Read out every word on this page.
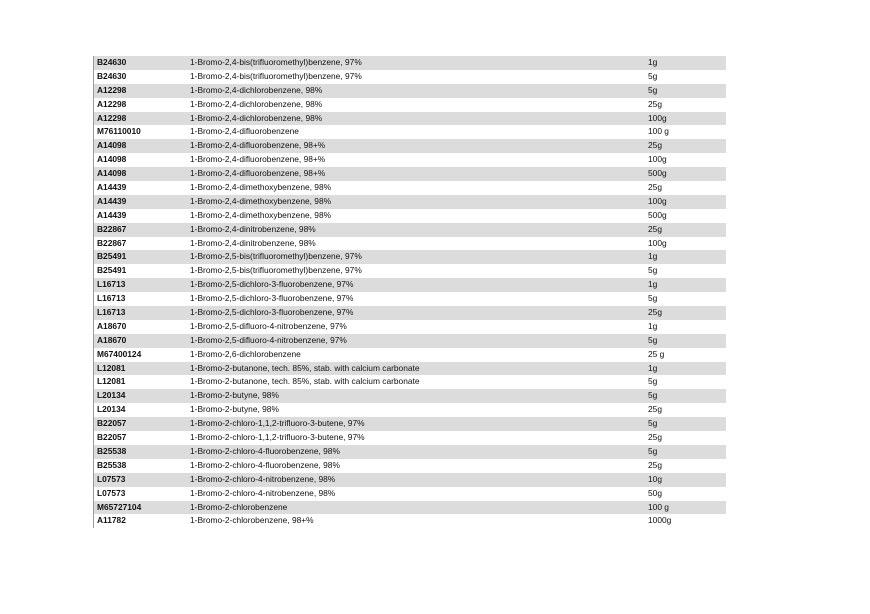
B24630	1-Bromo-2,4-bis(trifluoromethyl)benzene, 97%	1g
B24630	1-Bromo-2,4-bis(trifluoromethyl)benzene, 97%	5g
A12298	1-Bromo-2,4-dichlorobenzene, 98%	5g
A12298	1-Bromo-2,4-dichlorobenzene, 98%	25g
A12298	1-Bromo-2,4-dichlorobenzene, 98%	100g
M76110010	1-Bromo-2,4-difluorobenzene	100 g
A14098	1-Bromo-2,4-difluorobenzene, 98+%	25g
A14098	1-Bromo-2,4-difluorobenzene, 98+%	100g
A14098	1-Bromo-2,4-difluorobenzene, 98+%	500g
A14439	1-Bromo-2,4-dimethoxybenzene, 98%	25g
A14439	1-Bromo-2,4-dimethoxybenzene, 98%	100g
A14439	1-Bromo-2,4-dimethoxybenzene, 98%	500g
B22867	1-Bromo-2,4-dinitrobenzene, 98%	25g
B22867	1-Bromo-2,4-dinitrobenzene, 98%	100g
B25491	1-Bromo-2,5-bis(trifluoromethyl)benzene, 97%	1g
B25491	1-Bromo-2,5-bis(trifluoromethyl)benzene, 97%	5g
L16713	1-Bromo-2,5-dichloro-3-fluorobenzene, 97%	1g
L16713	1-Bromo-2,5-dichloro-3-fluorobenzene, 97%	5g
L16713	1-Bromo-2,5-dichloro-3-fluorobenzene, 97%	25g
A18670	1-Bromo-2,5-difluoro-4-nitrobenzene, 97%	1g
A18670	1-Bromo-2,5-difluoro-4-nitrobenzene, 97%	5g
M67400124	1-Bromo-2,6-dichlorobenzene	25 g
L12081	1-Bromo-2-butanone, tech. 85%, stab. with calcium carbonate	1g
L12081	1-Bromo-2-butanone, tech. 85%, stab. with calcium carbonate	5g
L20134	1-Bromo-2-butyne, 98%	5g
L20134	1-Bromo-2-butyne, 98%	25g
B22057	1-Bromo-2-chloro-1,1,2-trifluoro-3-butene, 97%	5g
B22057	1-Bromo-2-chloro-1,1,2-trifluoro-3-butene, 97%	25g
B25538	1-Bromo-2-chloro-4-fluorobenzene, 98%	5g
B25538	1-Bromo-2-chloro-4-fluorobenzene, 98%	25g
L07573	1-Bromo-2-chloro-4-nitrobenzene, 98%	10g
L07573	1-Bromo-2-chloro-4-nitrobenzene, 98%	50g
M65727104	1-Bromo-2-chlorobenzene	100 g
A11782	1-Bromo-2-chlorobenzene, 98+%	1000g
